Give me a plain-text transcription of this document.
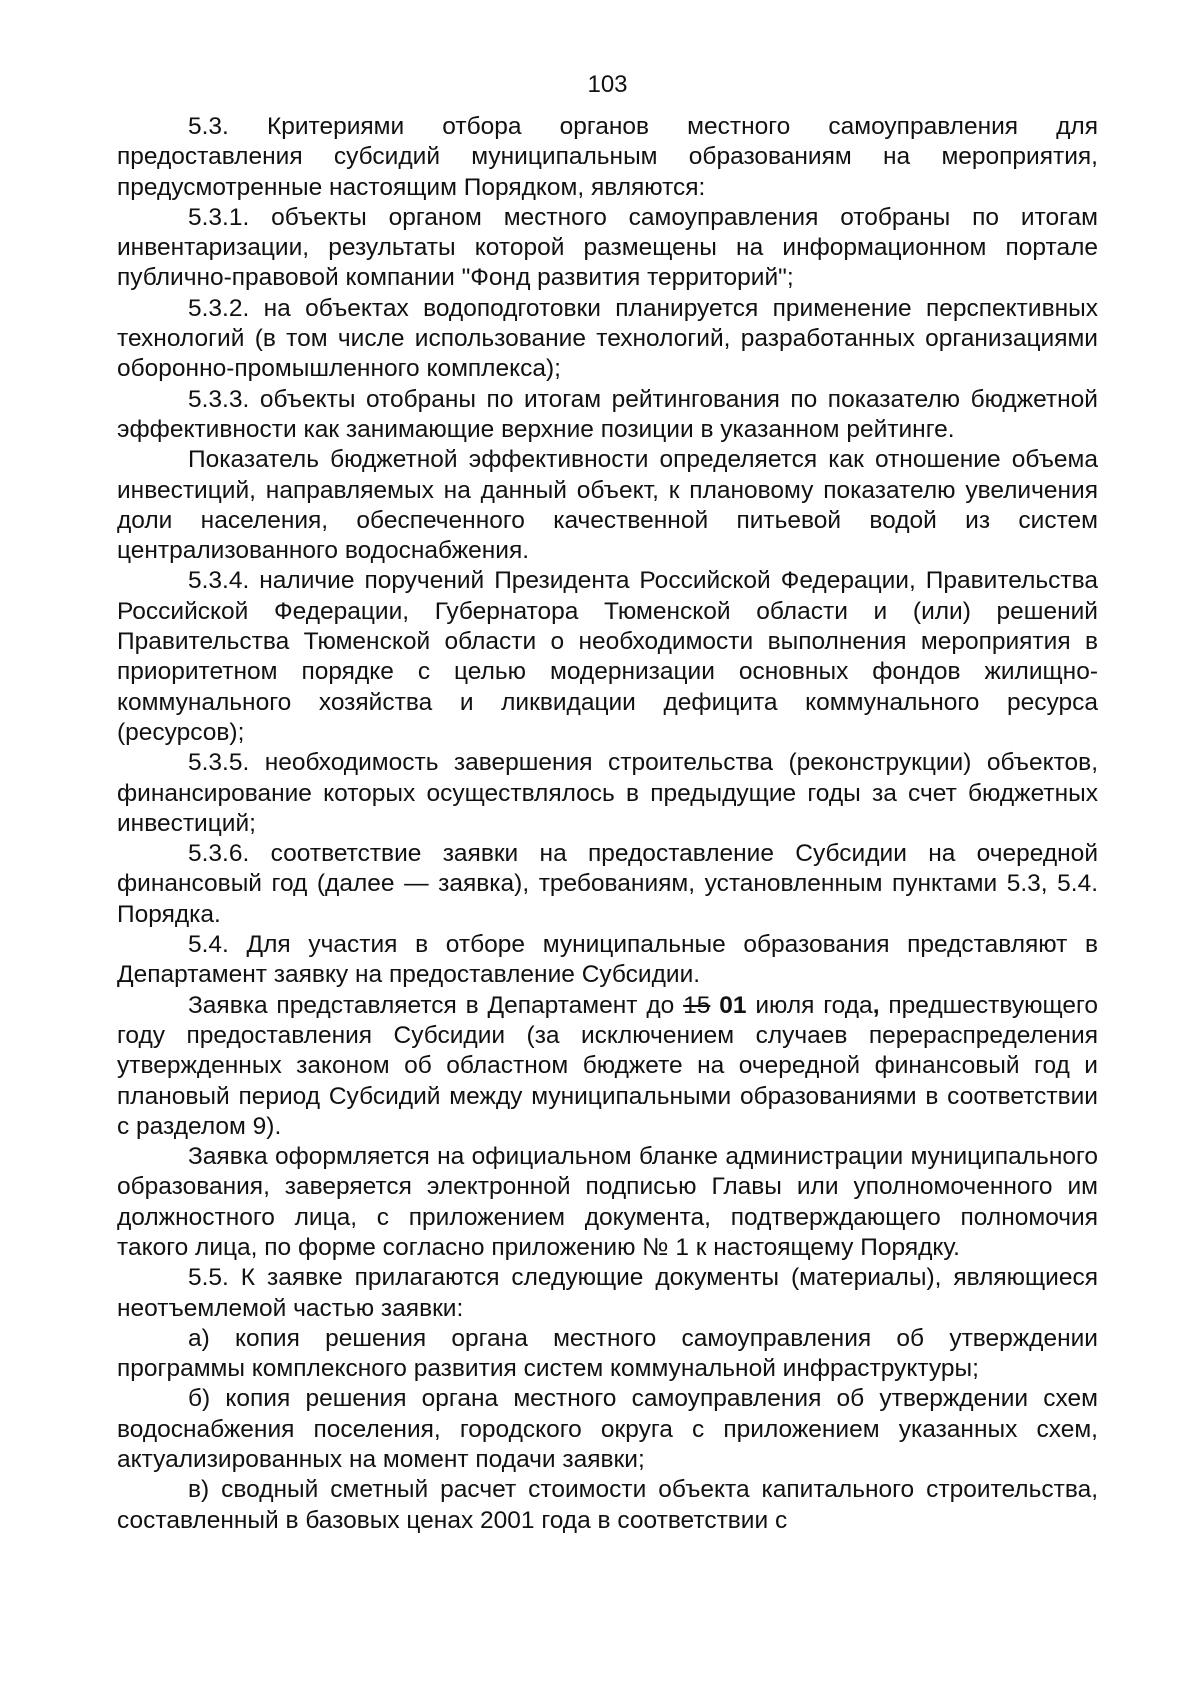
103

5.3. Критериями отбора органов местного самоуправления для предоставления субсидий муниципальным образованиям на мероприятия, предусмотренные настоящим Порядком, являются:

5.3.1. объекты органом местного самоуправления отобраны по итогам инвентаризации, результаты которой размещены на информационном портале публично-правовой компании "Фонд развития территорий";

5.3.2. на объектах водоподготовки планируется применение перспективных технологий (в том числе использование технологий, разработанных организациями оборонно-промышленного комплекса);

5.3.3. объекты отобраны по итогам рейтингования по показателю бюджетной эффективности как занимающие верхние позиции в указанном рейтинге.

Показатель бюджетной эффективности определяется как отношение объема инвестиций, направляемых на данный объект, к плановому показателю увеличения доли населения, обеспеченного качественной питьевой водой из систем централизованного водоснабжения.

5.3.4. наличие поручений Президента Российской Федерации, Правительства Российской Федерации, Губернатора Тюменской области и (или) решений Правительства Тюменской области о необходимости выполнения мероприятия в приоритетном порядке с целью модернизации основных фондов жилищно-коммунального хозяйства и ликвидации дефицита коммунального ресурса (ресурсов);

5.3.5. необходимость завершения строительства (реконструкции) объектов, финансирование которых осуществлялось в предыдущие годы за счет бюджетных инвестиций;

5.3.6. соответствие заявки на предоставление Субсидии на очередной финансовый год (далее — заявка), требованиям, установленным пунктами 5.3, 5.4. Порядка.

5.4. Для участия в отборе муниципальные образования представляют в Департамент заявку на предоставление Субсидии.

Заявка представляется в Департамент до 15 01 июля года, предшествующего году предоставления Субсидии (за исключением случаев перераспределения утвержденных законом об областном бюджете на очередной финансовый год и плановый период Субсидий между муниципальными образованиями в соответствии с разделом 9).

Заявка оформляется на официальном бланке администрации муниципального образования, заверяется электронной подписью Главы или уполномоченного им должностного лица, с приложением документа, подтверждающего полномочия такого лица, по форме согласно приложению № 1 к настоящему Порядку.

5.5. К заявке прилагаются следующие документы (материалы), являющиеся неотъемлемой частью заявки:

а) копия решения органа местного самоуправления об утверждении программы комплексного развития систем коммунальной инфраструктуры;

б) копия решения органа местного самоуправления об утверждении схем водоснабжения поселения, городского округа с приложением указанных схем, актуализированных на момент подачи заявки;

в) сводный сметный расчет стоимости объекта капитального строительства, составленный в базовых ценах 2001 года в соответствии с
